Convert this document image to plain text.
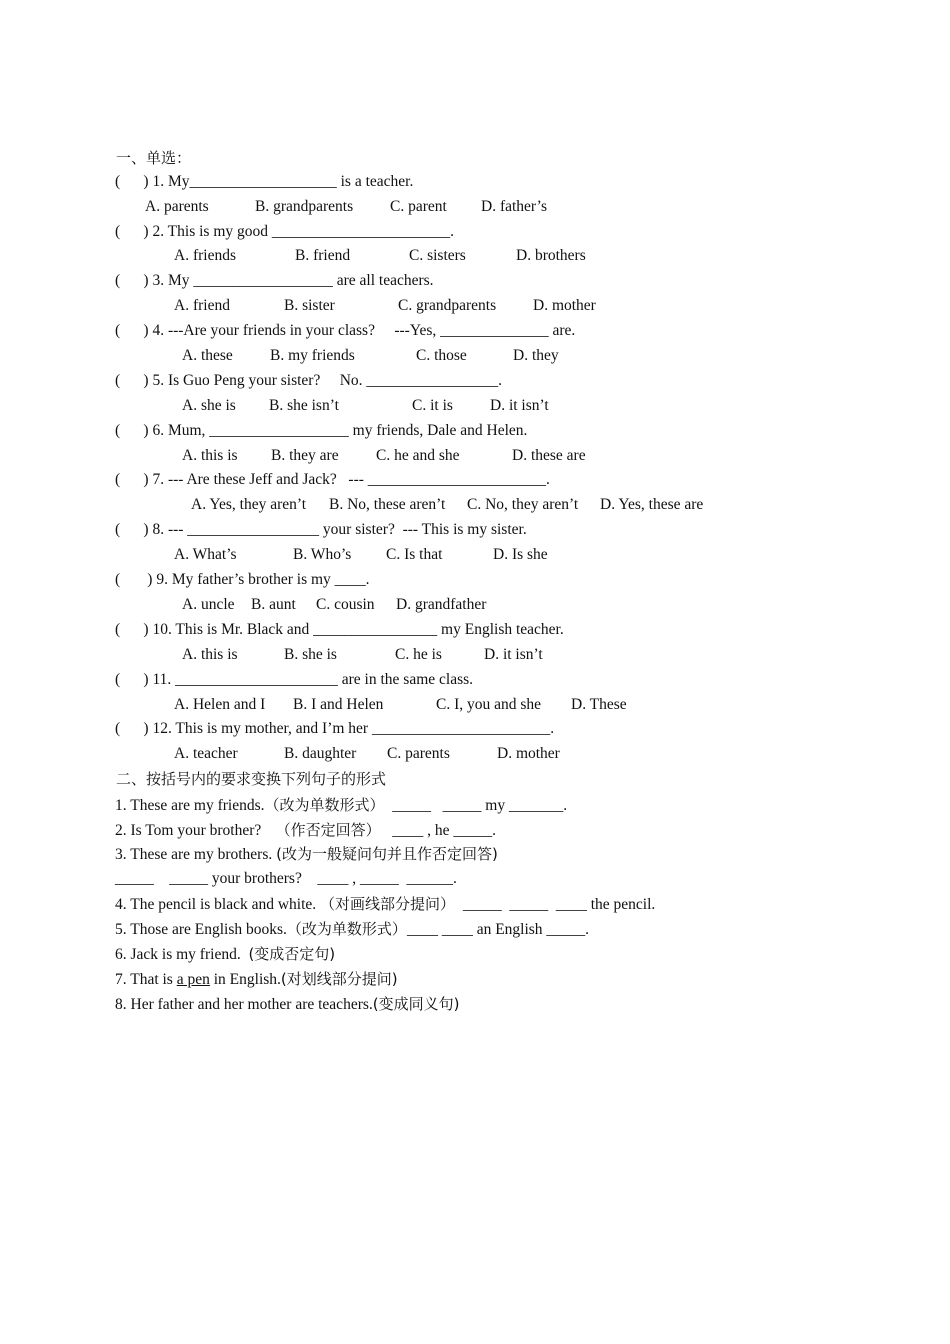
一、单选：
(      ) 1. My___________________ is a teacher.
A. parents	B. grandparents C. parent D. father’s
(      ) 2. This is my good _______________________.
A. friends	B. friend	C. sisters	D. brothers
(      ) 3. My __________________ are all teachers.
A. friend	B. sister	C. grandparents D. mother
(      ) 4. ---Are your friends in your class?     ---Yes, ______________ are.
A. these B. my friends	C. those	D. they
(      ) 5. Is Guo Peng your sister?     No. _________________.
A. she is B. she isn’t	C. it is D. it isn’t
(      ) 6. Mum, __________________ my friends, Dale and Helen.
A. this is B. they are C. he and she	D. these are
(      ) 7. --- Are these Jeff and Jack?   --- _______________________.
A. Yes, they aren’t B. No, these aren’t C. No, they aren’t D. Yes, these are
(      ) 8. --- _________________ your sister?  --- This is my sister.
A. What’s	B. Who’s C. Is that	D. Is she
(       ) 9. My father’s brother is my ____.
A. uncle B. aunt C. cousin D. grandfather
(      ) 10. This is Mr. Black and ________________ my English teacher.
A. this is	B. she is	C. he is	D. it isn’t
(      ) 11. _____________________ are in the same class.
A. Helen and I B. I and Helen	C. I, you and she D. These
(      ) 12. This is my mother, and I’m her _______________________.
A. teacher	B. daughter C. parents	D. mother
二、按括号内的要求变换下列句子的形式
1. These are my friends.（改为单数形式）  _____   _____ my _______.
2. Is Tom your brother?   （作否定回答）   ____ , he _____.
3. These are my brothers. (改为一般疑问句并且作否定回答)
_____    _____ your brothers?    ____ , _____  ______.
4. The pencil is black and white. （对画线部分提问）  _____  _____  ____ the pencil.
5. Those are English books.（改为单数形式）____ ____ an English _____.
6. Jack is my friend.  (变成否定句)
7. That is a pen in English.(对划线部分提问)
8. Her father and her mother are teachers.(变成同义句)
